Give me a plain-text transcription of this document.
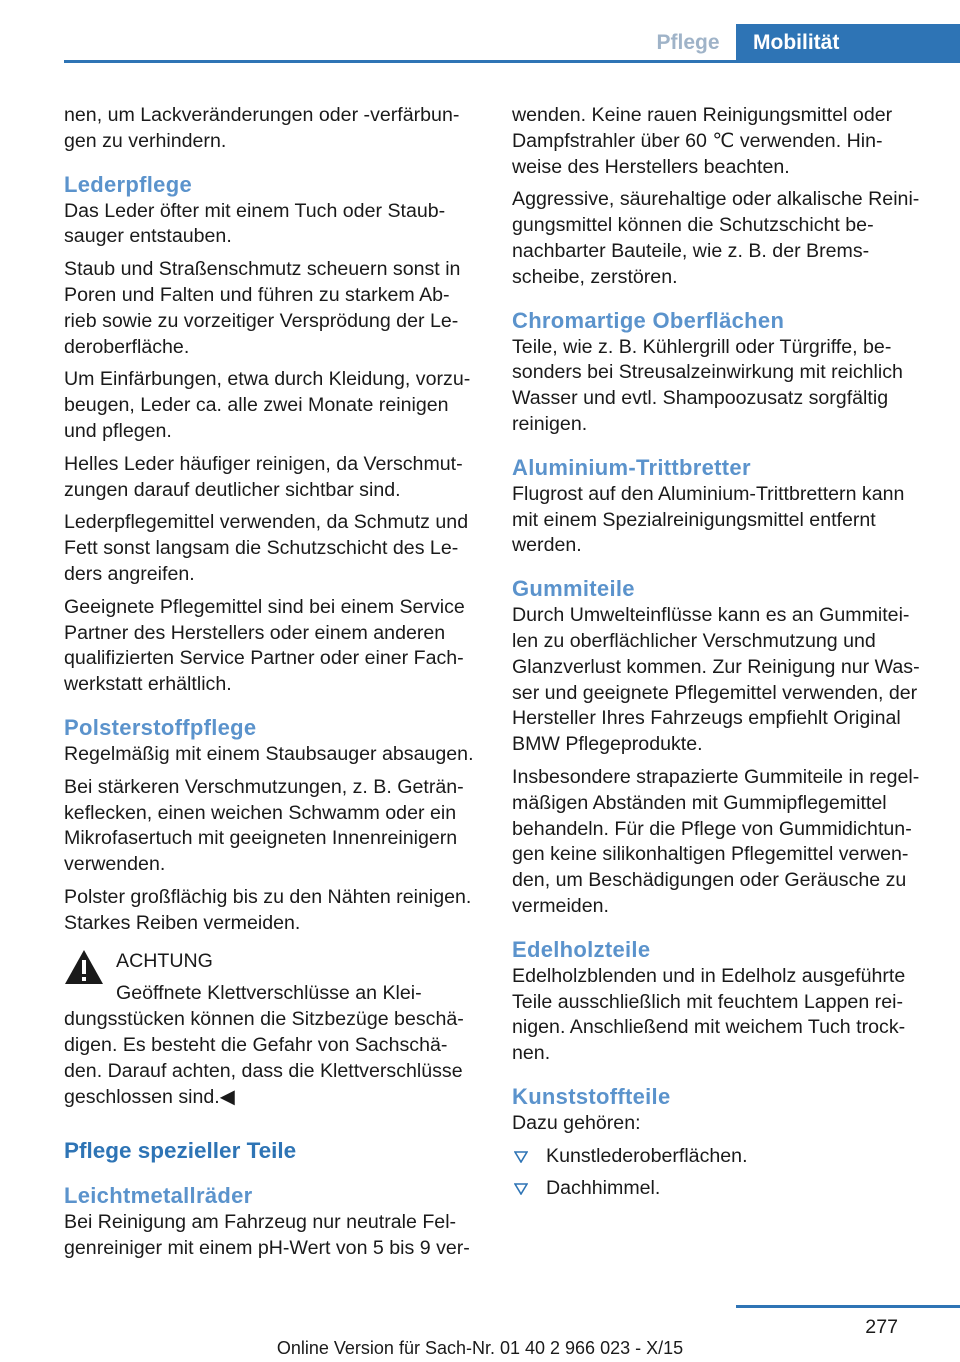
Pflege	Mobilität

nen, um Lackveränderungen oder -verfärbun-gen zu verhindern.

Lederpflege

Das Leder öfter mit einem Tuch oder Staub-sauger entstauben.

Staub und Straßenschmutz scheuern sonst in Poren und Falten und führen zu starkem Ab-rieb sowie zu vorzeitiger Versprödung der Le-deroberfläche.

Um Einfärbungen, etwa durch Kleidung, vorzu-beugen, Leder ca. alle zwei Monate reinigen und pflegen.

Helles Leder häufiger reinigen, da Verschmut-zungen darauf deutlicher sichtbar sind.

Lederpflegemittel verwenden, da Schmutz und Fett sonst langsam die Schutzschicht des Le-ders angreifen.

Geeignete Pflegemittel sind bei einem Service Partner des Herstellers oder einem anderen qualifizierten Service Partner oder einer Fach-werkstatt erhältlich.

Polsterstoffpflege

Regelmäßig mit einem Staubsauger absaugen.

Bei stärkeren Verschmutzungen, z. B. Geträn-keflecken, einen weichen Schwamm oder ein Mikrofasertuch mit geeigneten Innenreinigern verwenden.

Polster großflächig bis zu den Nähten reinigen. Starkes Reiben vermeiden.

ACHTUNG

Geöffnete Klettverschlüsse an Klei-dungsstücken können die Sitzbezüge beschä-digen. Es besteht die Gefahr von Sachschä-den. Darauf achten, dass die Klettverschlüsse geschlossen sind.◀

Pflege spezieller Teile
Leichtmetallräder

Bei Reinigung am Fahrzeug nur neutrale Fel-genreiniger mit einem pH-Wert von 5 bis 9 ver-

wenden. Keine rauen Reinigungsmittel oder Dampfstrahler über 60 ℃ verwenden. Hin-weise des Herstellers beachten.

Aggressive, säurehaltige oder alkalische Reini-gungsmittel können die Schutzschicht be-nachbarter Bauteile, wie z. B. der Brems-scheibe, zerstören.

Chromartige Oberflächen

Teile, wie z. B. Kühlergrill oder Türgriffe, be-sonders bei Streusalzeinwirkung mit reichlich Wasser und evtl. Shampoozusatz sorgfältig reinigen.

Aluminium-Trittbretter

Flugrost auf den Aluminium-Trittbrettern kann mit einem Spezialreinigungsmittel entfernt werden.

Gummiteile

Durch Umwelteinflüsse kann es an Gummitei-len zu oberflächlicher Verschmutzung und Glanzverlust kommen. Zur Reinigung nur Was-ser und geeignete Pflegemittel verwenden, der Hersteller Ihres Fahrzeugs empfiehlt Original BMW Pflegeprodukte.

Insbesondere strapazierte Gummiteile in regel-mäßigen Abständen mit Gummipflegemittel behandeln. Für die Pflege von Gummidichtun-gen keine silikonhaltigen Pflegemittel verwen-den, um Beschädigungen oder Geräusche zu vermeiden.

Edelholzteile

Edelholzblenden und in Edelholz ausgeführte Teile ausschließlich mit feuchtem Lappen rei-nigen. Anschließend mit weichem Tuch trock-nen.

Kunststoffteile

Dazu gehören:

Kunstlederoberflächen.
Dachhimmel.
277
Online Version für Sach-Nr. 01 40 2 966 023 - X/15
